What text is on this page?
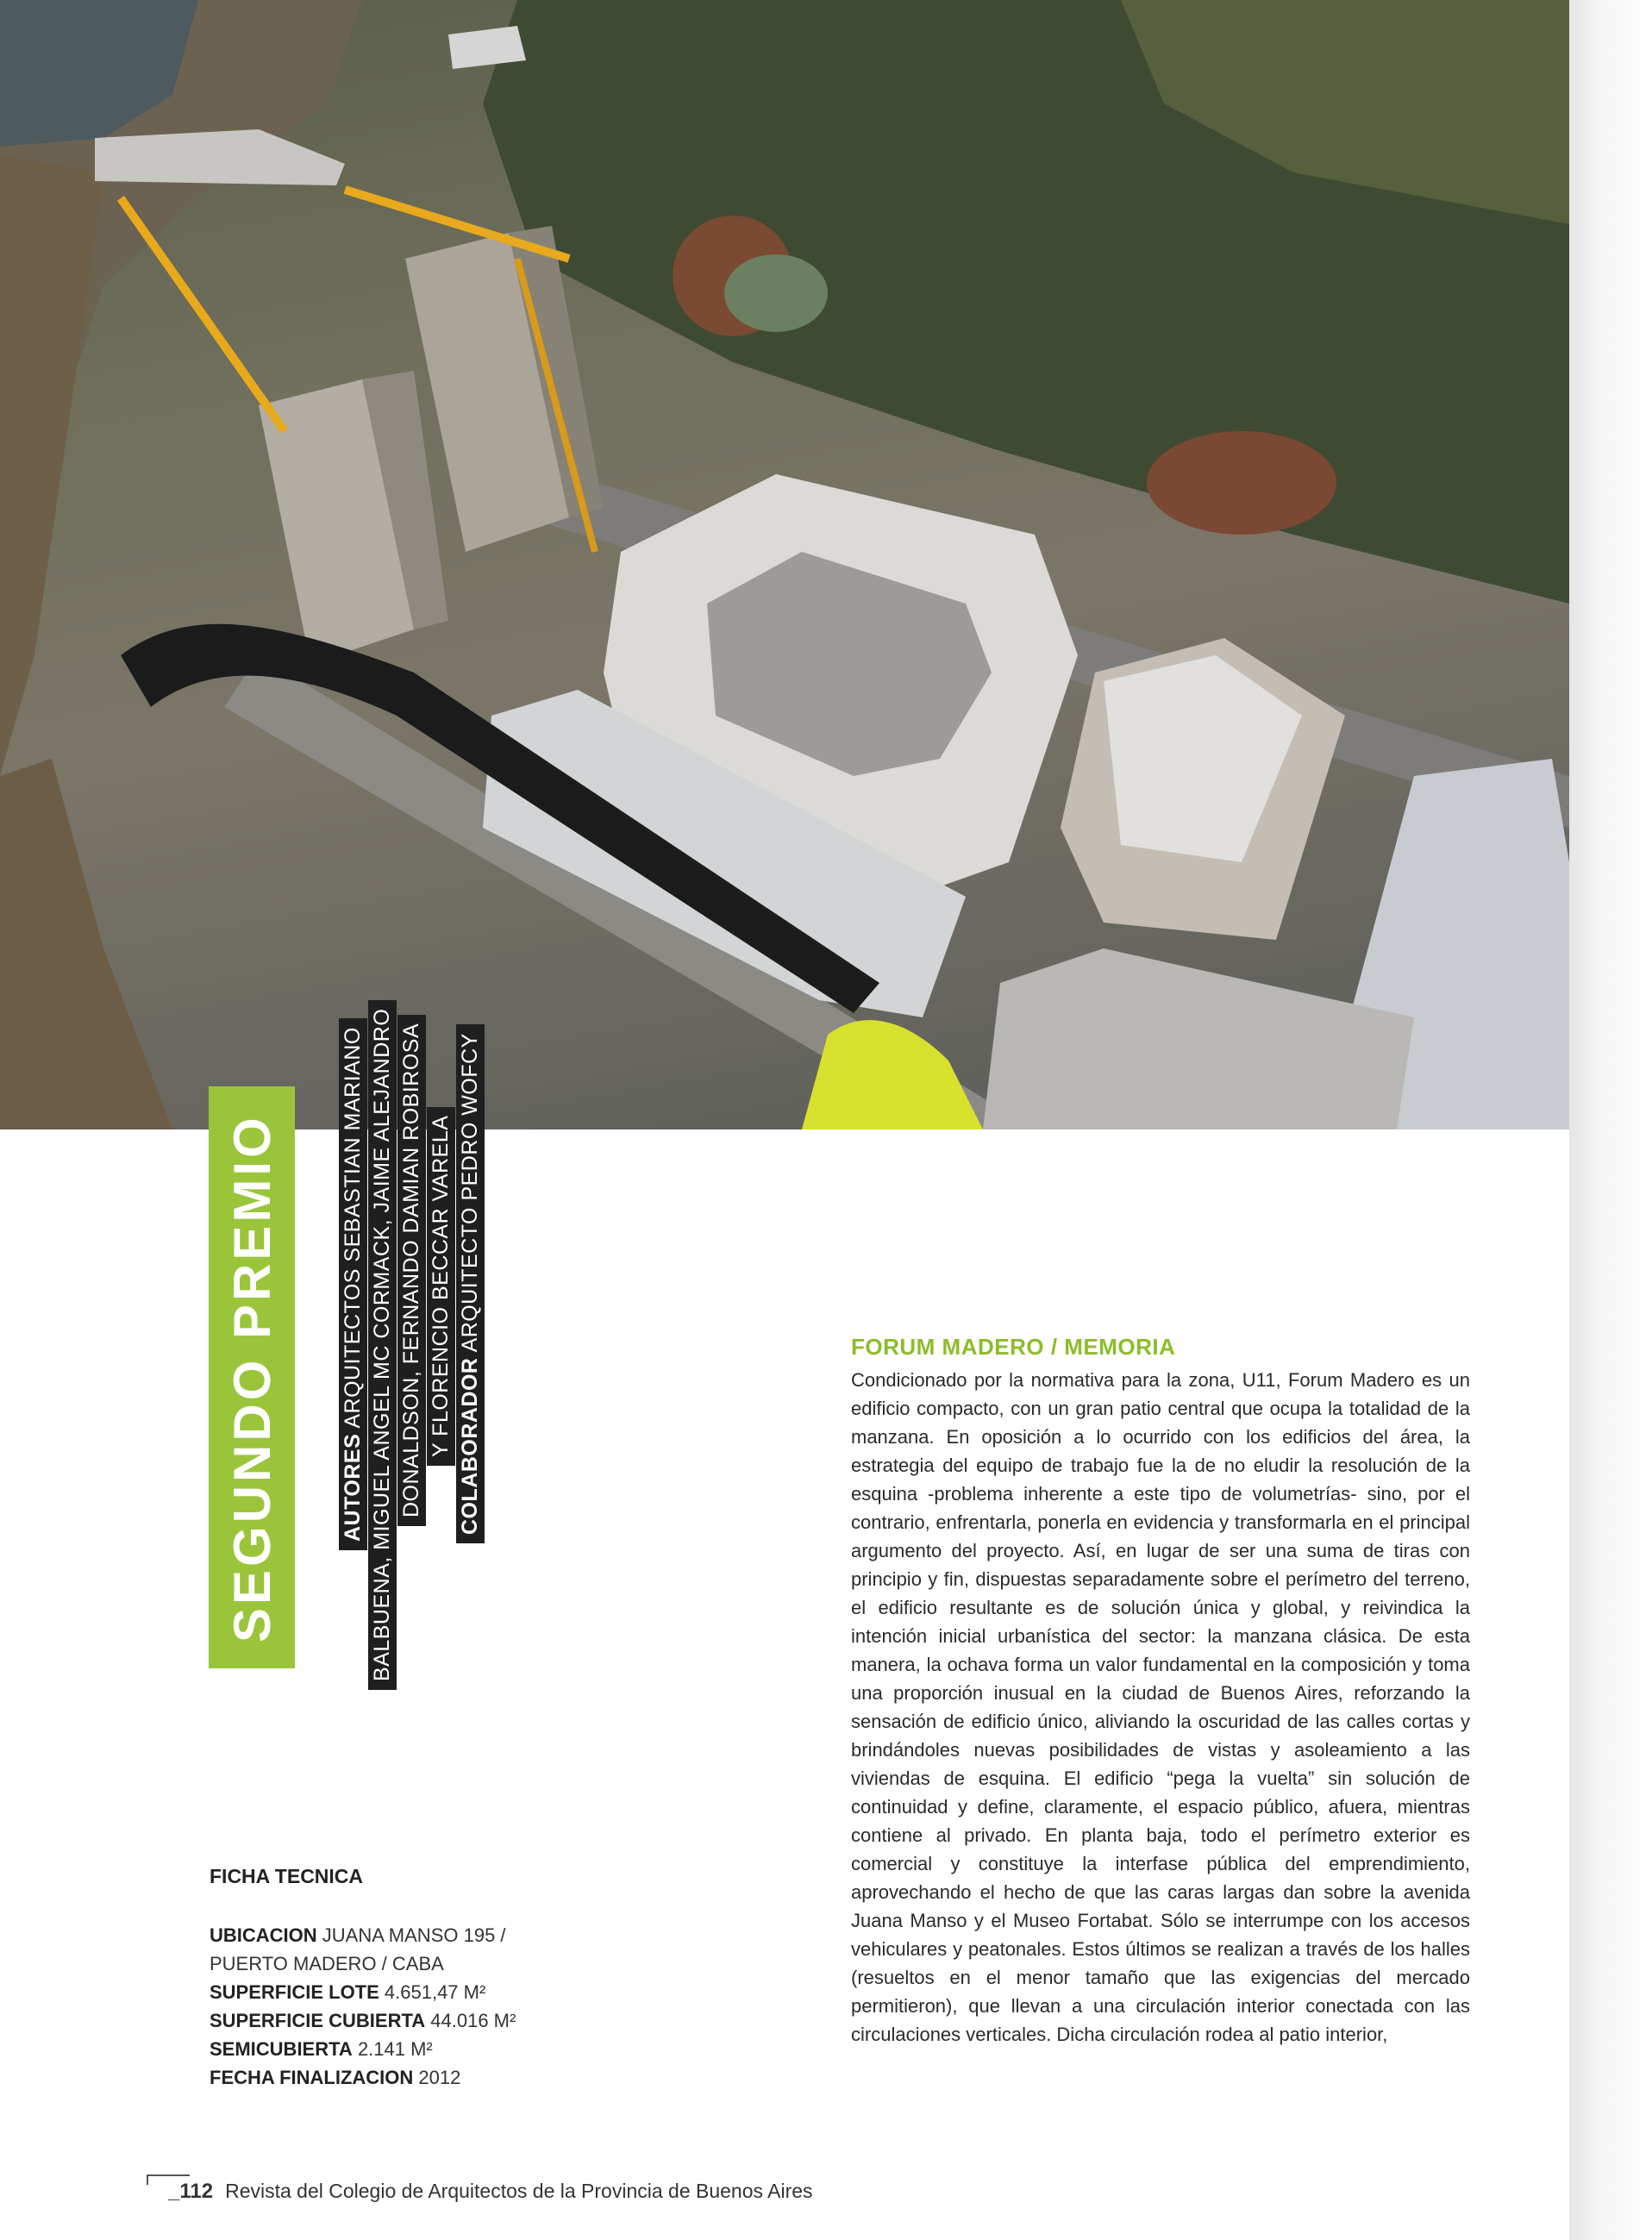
SEGUNDO PREMIO	AUTORES ARQUITECTOS SEBASTIAN MARIANO BALBUENA, MIGUEL ANGEL MC CORMACK, JAIME ALEJANDRO DONALDSON, FERNANDO DAMIAN ROBIROSA Y FLORENCIO BECCAR VARELA COLABORADOR ARQUITECTO PEDRO WOFCY
FICHA TECNICA
UBICACION JUANA MANSO 195 /
PUERTO MADERO / CABA
SUPERFICIE LOTE 4.651,47 M²
SUPERFICIE CUBIERTA 44.016 M²
SEMICUBIERTA 2.141 M²
FECHA FINALIZACION 2012
FORUM MADERO / MEMORIA

Condicionado por la normativa para la zona, U11, Forum Madero es un edificio compacto, con un gran patio central que ocupa la totalidad de la manzana. En oposición a lo ocurrido con los edificios del área, la estrategia del equipo de trabajo fue la de no eludir la resolución de la esquina -problema inherente a este tipo de volumetrías- sino, por el contrario, enfrentarla, ponerla en evidencia y transformarla en el principal argumento del proyecto. Así, en lugar de ser una suma de tiras con principio y fin, dispuestas separadamente sobre el perímetro del terreno, el edificio resultante es de solución única y global, y reivindica la intención inicial urbanística del sector: la manzana clásica. De esta manera, la ochava forma un valor fundamental en la composición y toma una proporción inusual en la ciudad de Buenos Aires, reforzando la sensación de edificio único, aliviando la oscuridad de las calles cortas y brindándoles nuevas posibilidades de vistas y asoleamiento a las viviendas de esquina. El edificio “pega la vuelta” sin solución de continuidad y define, claramente, el espacio público, afuera, mientras contiene al privado. En planta baja, todo el perímetro exterior es comercial y constituye la interfase pública del emprendimiento, aprovechando el hecho de que las caras largas dan sobre la avenida Juana Manso y el Museo Fortabat. Sólo se interrumpe con los accesos vehiculares y peatonales. Estos últimos se realizan a través de los halles (resueltos en el menor tamaño que las exigencias del mercado permitieron), que llevan a una circulación interior conectada con las circulaciones verticales. Dicha circulación rodea al patio interior,

_112 Revista del Colegio de Arquitectos de la Provincia de Buenos Aires
